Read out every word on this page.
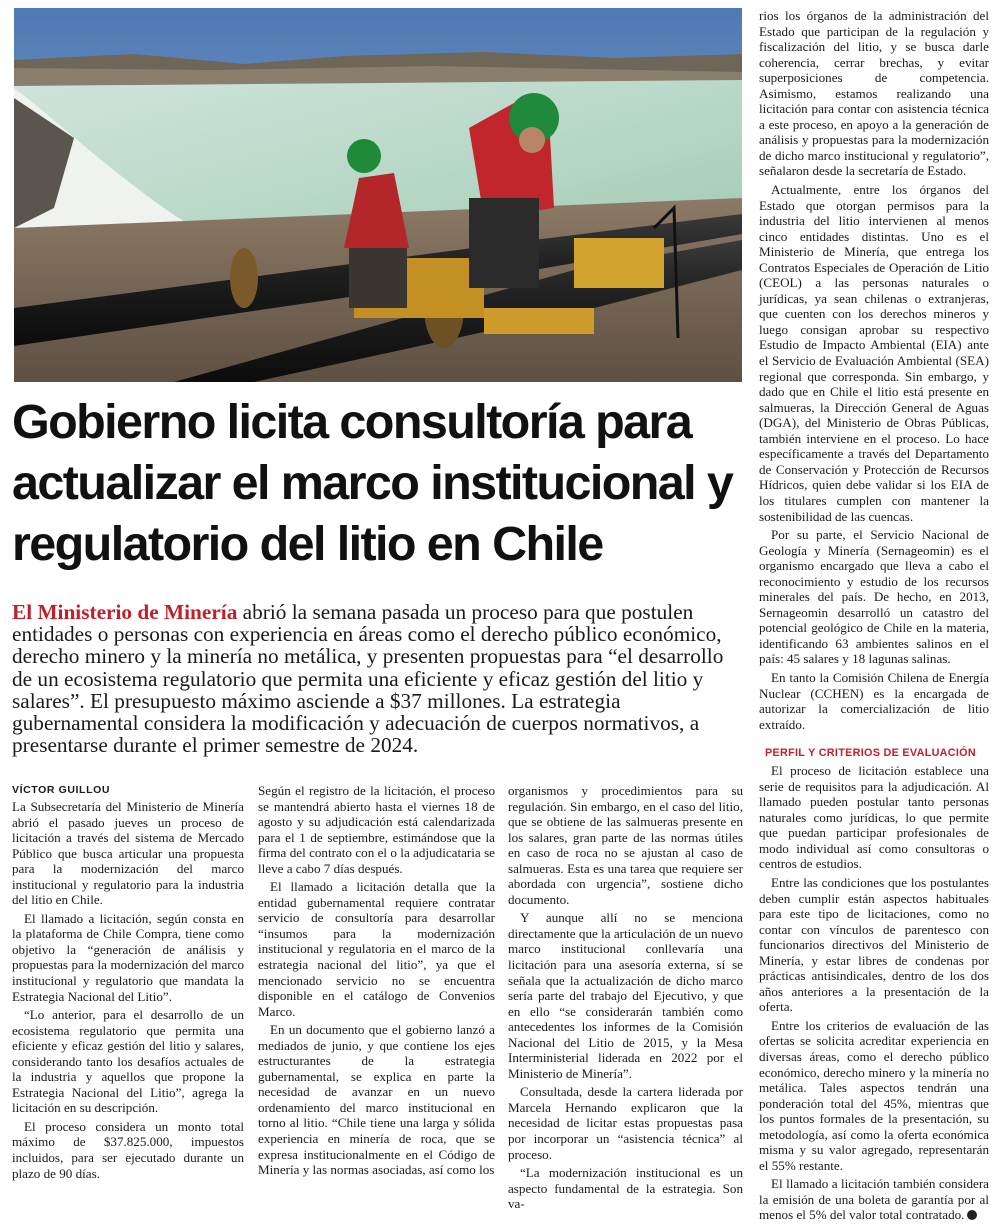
Gobierno licita consultoría para actualizar el marco institucional y regulatorio del litio en Chile

El Ministerio de Minería abrió la semana pasada un proceso para que postulen entidades o personas con experiencia en áreas como el derecho público económico, derecho minero y la minería no metálica, y presenten propuestas para “el desarrollo de un ecosistema regulatorio que permita una eficiente y eficaz gestión del litio y salares”. El presupuesto máximo asciende a $37 millones. La estrategia gubernamental considera la modificación y adecuación de cuerpos normativos, a presentarse durante el primer semestre de 2024.

VÍCTOR GUILLOU

La Subsecretaría del Ministerio de Minería abrió el pasado jueves un proceso de licitación a través del sistema de Mercado Público que busca articular una propuesta para la modernización del marco institucional y regulatorio para la industria del litio en Chile.

El llamado a licitación, según consta en la plataforma de Chile Compra, tiene como objetivo la “generación de análisis y propuestas para la modernización del marco institucional y regulatorio que mandata la Estrategia Nacional del Litio”.

“Lo anterior, para el desarrollo de un ecosistema regulatorio que permita una eficiente y eficaz gestión del litio y salares, considerando tanto los desafíos actuales de la industria y aquellos que propone la Estrategia Nacional del Litio”, agrega la licitación en su descripción.

El proceso considera un monto total máximo de $37.825.000, impuestos incluidos, para ser ejecutado durante un plazo de 90 días.

Según el registro de la licitación, el proceso se mantendrá abierto hasta el viernes 18 de agosto y su adjudicación está calendarizada para el 1 de septiembre, estimándose que la firma del contrato con el o la adjudicataria se lleve a cabo 7 días después.

El llamado a licitación detalla que la entidad gubernamental requiere contratar servicio de consultoría para desarrollar “insumos para la modernización institucional y regulatoria en el marco de la estrategia nacional del litio”, ya que el mencionado servicio no se encuentra disponible en el catálogo de Convenios Marco.

En un documento que el gobierno lanzó a mediados de junio, y que contiene los ejes estructurantes de la estrategia gubernamental, se explica en parte la necesidad de avanzar en un nuevo ordenamiento del marco institucional en torno al litio. “Chile tiene una larga y sólida experiencia en minería de roca, que se expresa institucionalmente en el Código de Minería y las normas asociadas, así como los

organismos y procedimientos para su regulación. Sin embargo, en el caso del litio, que se obtiene de las salmueras presente en los salares, gran parte de las normas útiles en caso de roca no se ajustan al caso de salmueras. Esta es una tarea que requiere ser abordada con urgencia”, sostiene dicho documento.

Y aunque allí no se menciona directamente que la articulación de un nuevo marco institucional conllevaría una licitación para una asesoría externa, sí se señala que la actualización de dicho marco sería parte del trabajo del Ejecutivo, y que en ello “se considerarán también como antecedentes los informes de la Comisión Nacional del Litio de 2015, y la Mesa Interministerial liderada en 2022 por el Ministerio de Minería”.

Consultada, desde la cartera liderada por Marcela Hernando explicaron que la necesidad de licitar estas propuestas pasa por incorporar un “asistencia técnica” al proceso.

“La modernización institucional es un aspecto fundamental de la estrategia. Son va-

rios los órganos de la administración del Estado que participan de la regulación y fiscalización del litio, y se busca darle coherencia, cerrar brechas, y evitar superposiciones de competencia. Asimismo, estamos realizando una licitación para contar con asistencia técnica a este proceso, en apoyo a la generación de análisis y propuestas para la modernización de dicho marco institucional y regulatorio”, señalaron desde la secretaría de Estado.

Actualmente, entre los órganos del Estado que otorgan permisos para la industria del litio intervienen al menos cinco entidades distintas. Uno es el Ministerio de Minería, que entrega los Contratos Especiales de Operación de Litio (CEOL) a las personas naturales o jurídicas, ya sean chilenas o extranjeras, que cuenten con los derechos mineros y luego consigan aprobar su respectivo Estudio de Impacto Ambiental (EIA) ante el Servicio de Evaluación Ambiental (SEA) regional que corresponda. Sin embargo, y dado que en Chile el litio está presente en salmueras, la Dirección General de Aguas (DGA), del Ministerio de Obras Públicas, también interviene en el proceso. Lo hace específicamente a través del Departamento de Conservación y Protección de Recursos Hídricos, quien debe validar si los EIA de los titulares cumplen con mantener la sostenibilidad de las cuencas.

Por su parte, el Servicio Nacional de Geología y Minería (Sernageomin) es el organismo encargado que lleva a cabo el reconocimiento y estudio de los recursos minerales del país. De hecho, en 2013, Sernageomin desarrolló un catastro del potencial geológico de Chile en la materia, identificando 63 ambientes salinos en el país: 45 salares y 18 lagunas salinas.

En tanto la Comisión Chilena de Energía Nuclear (CCHEN) es la encargada de autorizar la comercialización de litio extraído.

PERFIL Y CRITERIOS DE EVALUACIÓN

El proceso de licitación establece una serie de requisitos para la adjudicación. Al llamado pueden postular tanto personas naturales como jurídicas, lo que permite que puedan participar profesionales de modo individual así como consultoras o centros de estudios.

Entre las condiciones que los postulantes deben cumplir están aspectos habituales para este tipo de licitaciones, como no contar con vínculos de parentesco con funcionarios directivos del Ministerio de Minería, y estar libres de condenas por prácticas antisindicales, dentro de los dos años anteriores a la presentación de la oferta.

Entre los criterios de evaluación de las ofertas se solicita acreditar experiencia en diversas áreas, como el derecho público económico, derecho minero y la minería no metálica. Tales aspectos tendrán una ponderación total del 45%, mientras que los puntos formales de la presentación, su metodología, así como la oferta económica misma y su valor agregado, representarán el 55% restante.

El llamado a licitación también considera la emisión de una boleta de garantía por al menos el 5% del valor total contratado.
